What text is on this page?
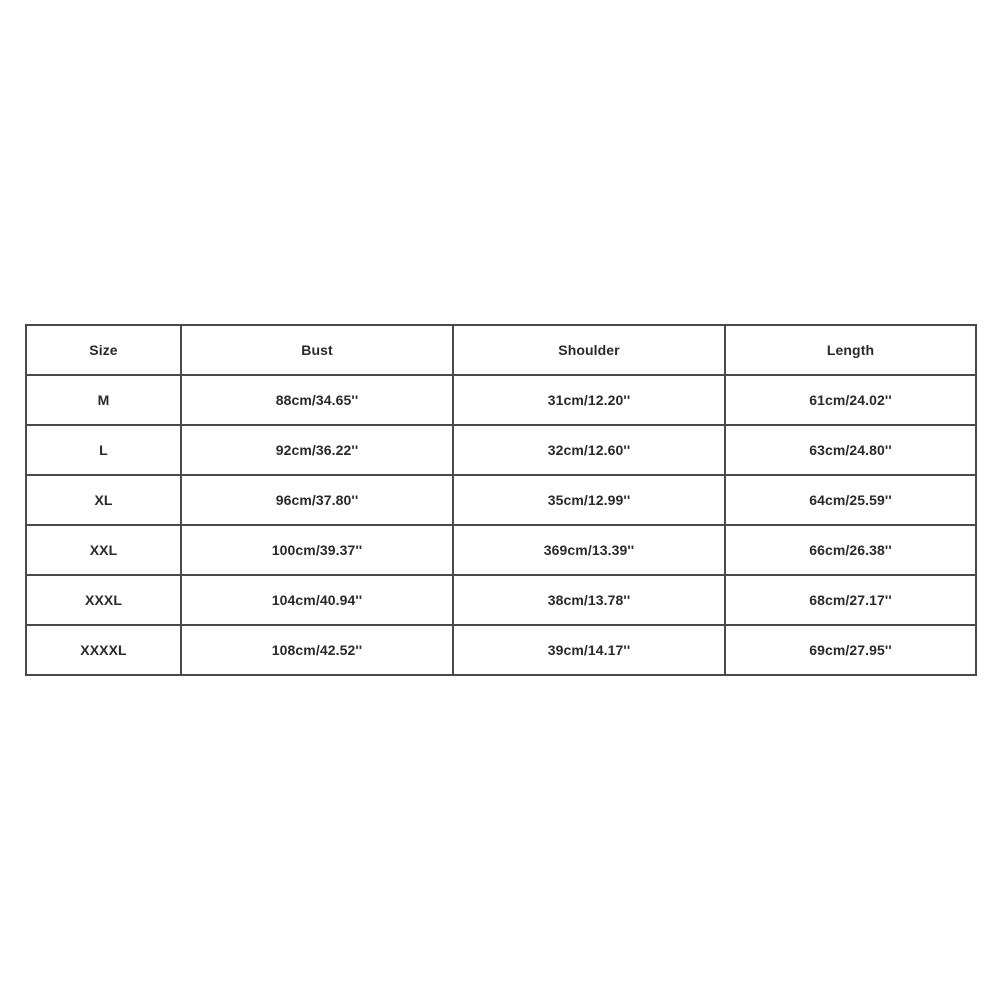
Size	Bust	Shoulder	Length
M	88cm/34.65''	31cm/12.20''	61cm/24.02''
L	92cm/36.22''	32cm/12.60''	63cm/24.80''
XL	96cm/37.80''	35cm/12.99''	64cm/25.59''
XXL	100cm/39.37''	369cm/13.39''	66cm/26.38''
XXXL	104cm/40.94''	38cm/13.78''	68cm/27.17''
XXXXL	108cm/42.52''	39cm/14.17''	69cm/27.95''
